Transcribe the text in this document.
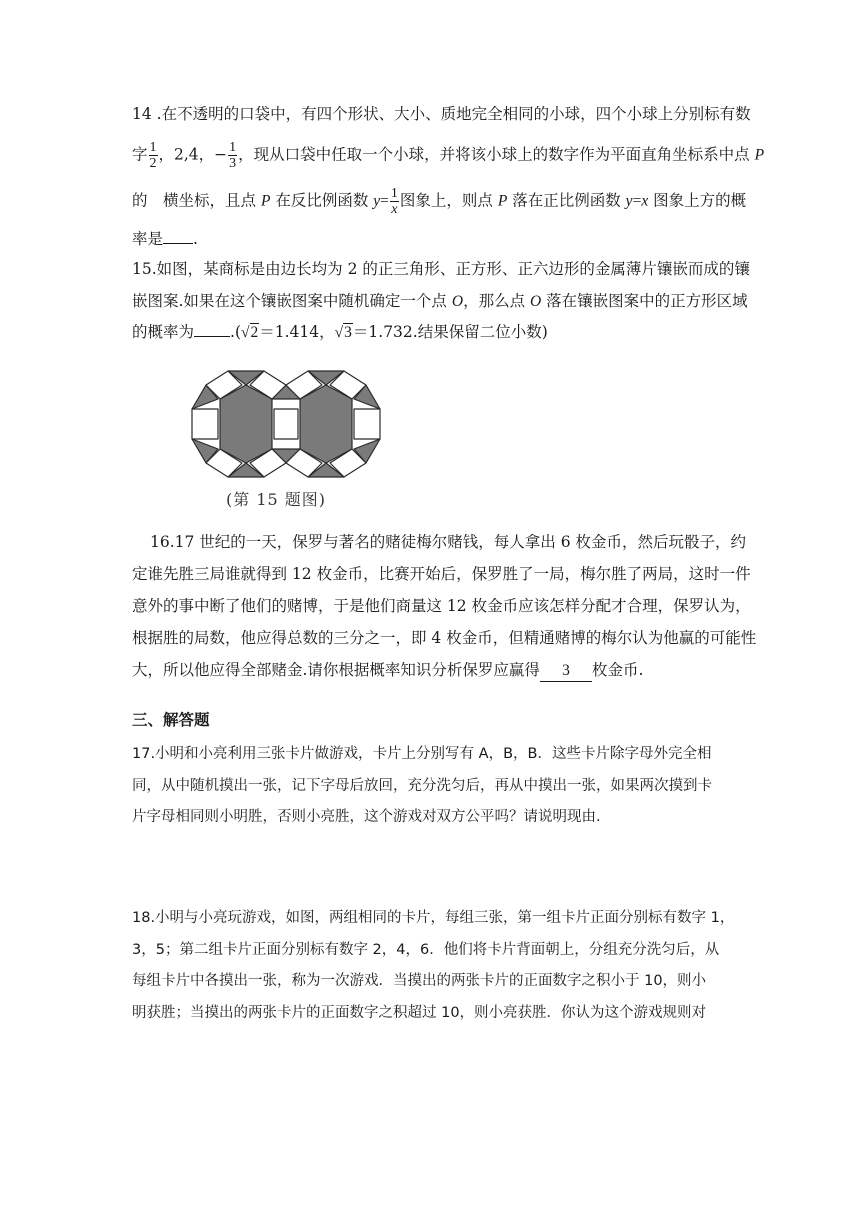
14 .在不透明的口袋中，有四个形状、大小、质地完全相同的小球，四个小球上分别标有数
字 $\frac{1}{2}$ ，2,4，− $\frac{1}{3}$ ，现从口袋中任取一个小球，并将该小球上的数字作为平面直角坐标系中点 P
的　横坐标，且点 P 在反比例函数 $y= \frac{1}{x}$ 图象上，则点 P 落在正比例函数 y=x 图象上方的概
率是 .
15.如图，某商标是由边长均为 2 的正三角形、正方形、正六边形的金属薄片镶嵌而成的镶
嵌图案.如果在这个镶嵌图案中随机确定一个点 O，那么点 O 落在镶嵌图案中的正方形区域
的概率为 .(√2＝1.414，√3＝1.732.结果保留二位小数)
(第 15 题图)
16.17 世纪的一天，保罗与著名的赌徒梅尔赌钱，每人拿出 6 枚金币，然后玩骰子，约
定谁先胜三局谁就得到 12 枚金币，比赛开始后，保罗胜了一局，梅尔胜了两局，这时一件
意外的事中断了他们的赌博，于是他们商量这 12 枚金币应该怎样分配才合理，保罗认为，
根据胜的局数，他应得总数的三分之一，即 4 枚金币，但精通赌博的梅尔认为他赢的可能性
大，所以他应得全部赌金.请你根据概率知识分析保罗应赢得 3 枚金币.
三、解答题
17.小明和小亮利用三张卡片做游戏，卡片上分别写有 A，B，B．这些卡片除字母外完全相
同，从中随机摸出一张，记下字母后放回，充分洗匀后，再从中摸出一张，如果两次摸到卡
片字母相同则小明胜，否则小亮胜，这个游戏对双方公平吗？请说明现由.
18.小明与小亮玩游戏，如图，两组相同的卡片，每组三张，第一组卡片正面分别标有数字 1，
3，5；第二组卡片正面分别标有数字 2，4，6．他们将卡片背面朝上，分组充分洗匀后，从
每组卡片中各摸出一张，称为一次游戏．当摸出的两张卡片的正面数字之积小于 10，则小
明获胜；当摸出的两张卡片的正面数字之积超过 10，则小亮获胜．你认为这个游戏规则对
